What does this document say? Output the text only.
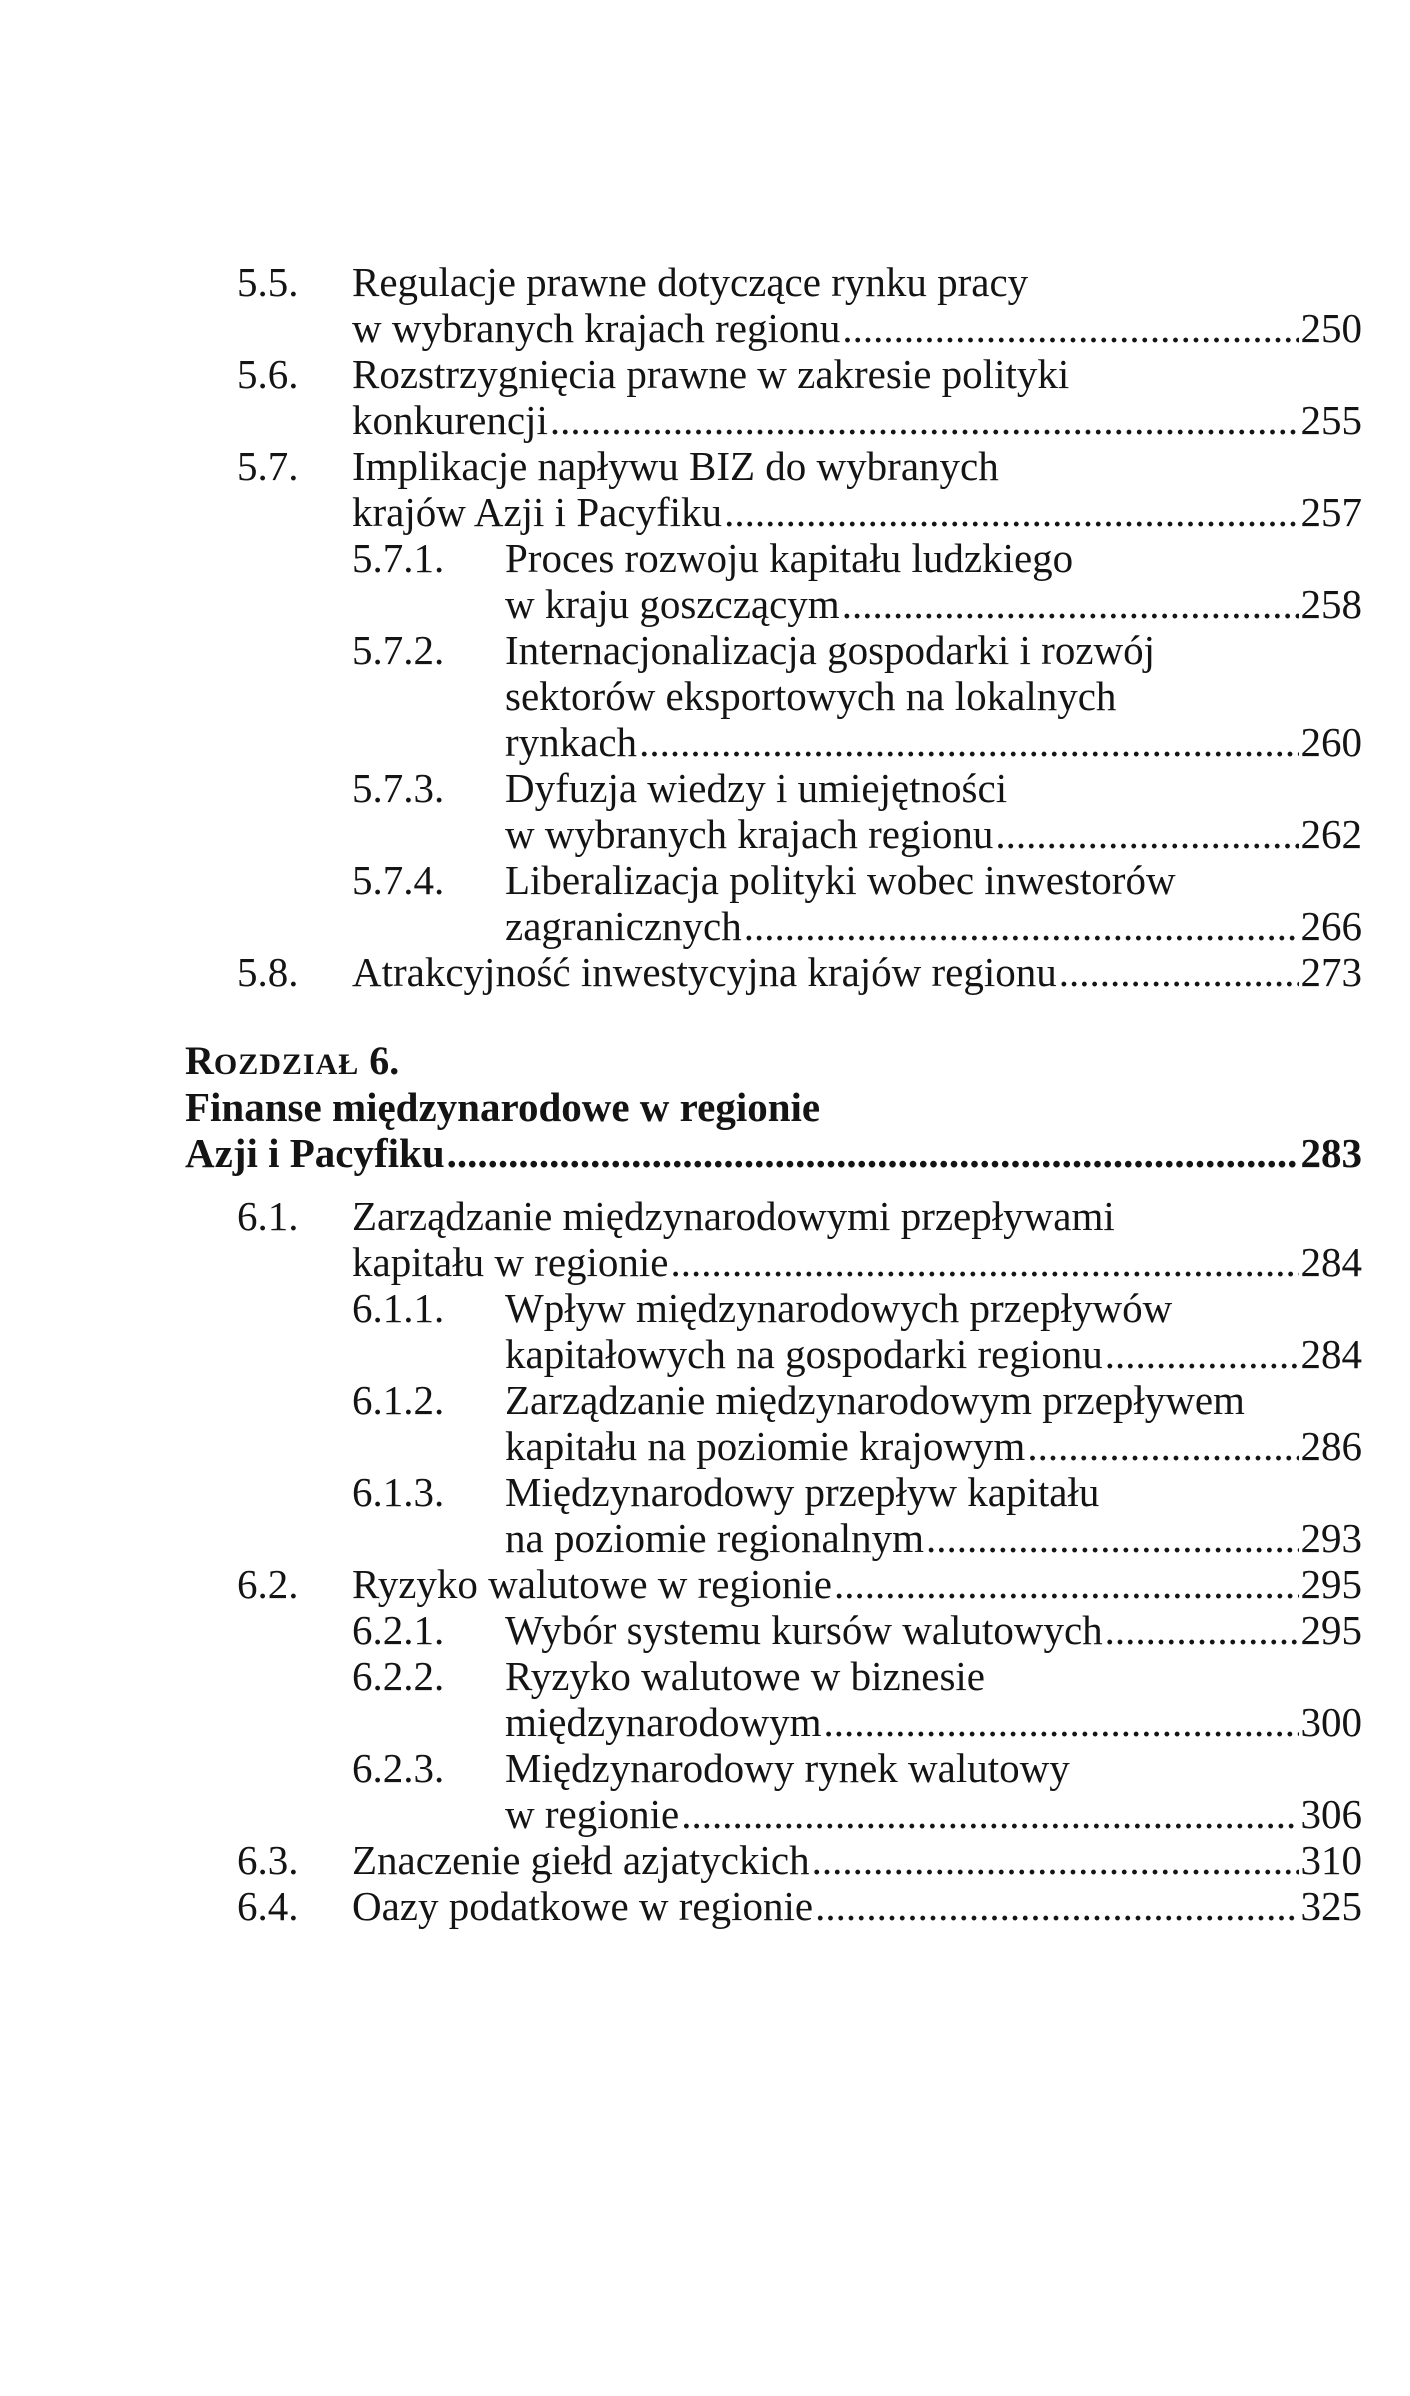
5.5. Regulacje prawne dotyczące rynku pracy
w wybranych krajach regionu .....	250
5.6. Rozstrzygnięcia prawne w zakresie polityki
konkurencji .....	255
5.7. Implikacje napływu BIZ do wybranych
krajów Azji i Pacyfiku .....	257
5.7.1. Proces rozwoju kapitału ludzkiego
w kraju goszczącym .....	258
5.7.2. Internacjonalizacja gospodarki i rozwój
sektorów eksportowych na lokalnych
rynkach .....	260
5.7.3. Dyfuzja wiedzy i umiejętności
w wybranych krajach regionu .....	262
5.7.4. Liberalizacja polityki wobec inwestorów
zagranicznych .....	266
5.8. Atrakcyjność inwestycyjna krajów regionu .....	273
ROZDZIAŁ 6.
Finanse międzynarodowe w regionie
Azji i Pacyfiku .....	283
6.1. Zarządzanie międzynarodowymi przepływami
kapitału w regionie .....	284
6.1.1. Wpływ międzynarodowych przepływów
kapitałowych na gospodarki regionu .....	284
6.1.2. Zarządzanie międzynarodowym przepływem
kapitału na poziomie krajowym .....	286
6.1.3. Międzynarodowy przepływ kapitału
na poziomie regionalnym .....	293
6.2. Ryzyko walutowe w regionie .....	295
6.2.1. Wybór systemu kursów walutowych .....	295
6.2.2. Ryzyko walutowe w biznesie
międzynarodowym .....	300
6.2.3. Międzynarodowy rynek walutowy
w regionie .....	306
6.3. Znaczenie giełd azjatyckich .....	310
6.4. Oazy podatkowe w regionie .....	325
